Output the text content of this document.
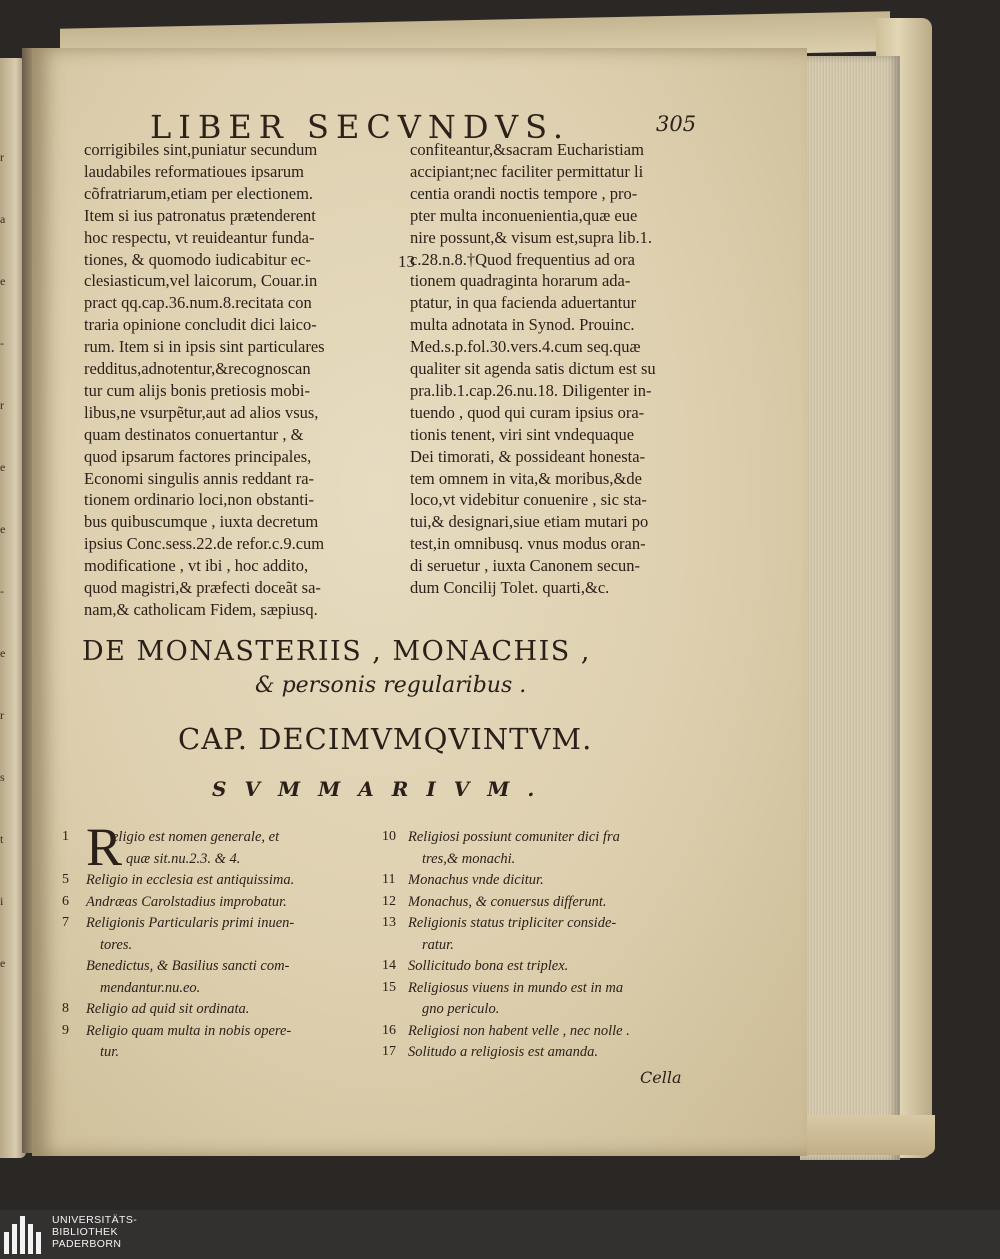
r
a
e
-
r
e
e
-
e
r
s
t
i
e
LIBER SECVNDVS.	305
corrigibiles sint,puniatur secundum
laudabiles reformatioues ipsarum
cõfratriarum,etiam per electionem.
Item si ius patronatus prætenderent
hoc respectu, vt reuideantur funda-
tiones, & quomodo iudicabitur ec-
clesiasticum,vel laicorum, Couar.in
pract qq.cap.36.num.8.recitata con
traria opinione concludit dici laico-
rum. Item si in ipsis sint particulares
redditus,adnotentur,&recognoscan
tur cum alijs bonis pretiosis mobi-
libus,ne vsurpẽtur,aut ad alios vsus,
quam destinatos conuertantur , &
quod ipsarum factores principales,
Economi singulis annis reddant ra-
tionem ordinario loci,non obstanti-
bus quibuscumque , iuxta decretum
ipsius Conc.sess.22.de refor.c.9.cum
modificatione , vt ibi , hoc addito,
quod magistri,& præfecti doceãt sa-
nam,& catholicam Fidem, sæpiusq.
confiteantur,&sacram Eucharistiam
accipiant;nec faciliter permittatur li
centia orandi noctis tempore , pro-
pter multa inconuenientia,quæ eue
nire possunt,& visum est,supra lib.1.
c.28.n.8.†Quod frequentius ad ora
tionem quadraginta horarum ada-
ptatur, in qua facienda aduertantur
multa adnotata in Synod. Prouinc.
Med.s.p.fol.30.vers.4.cum seq.quæ
qualiter sit agenda satis dictum est su
pra.lib.1.cap.26.nu.18. Diligenter in-
tuendo , quod qui curam ipsius ora-
tionis tenent, viri sint vndequaque
Dei timorati, & possideant honesta-
tem omnem in vita,& moribus,&de
loco,vt videbitur conuenire , sic sta-
tui,& designari,siue etiam mutari po
test,in omnibusq. vnus modus oran-
di seruetur , iuxta Canonem secun-
dum Concilij Tolet. quarti,&c.
13
DE MONASTERIIS , MONACHIS ,
& personis regularibus .
CAP. DECIMVMQVINTVM.
SVMMARIVM.
R
1	eligio est nomen generale, et
quæ sit.nu.2.3. & 4.
5 Religio in ecclesia est antiquissima.
6 Andræas Carolstadius improbatur.
7 Religionis Particularis primi inuen-
tores.
Benedictus, & Basilius sancti com-
mendantur.nu.eo.
8 Religio ad quid sit ordinata.
9 Religio quam multa in nobis opere-
tur.
10 Religiosi possiunt comuniter dici fra
tres,& monachi.
11 Monachus vnde dicitur.
12 Monachus, & conuersus differunt.
13 Religionis status tripliciter conside-
ratur.
14 Sollicitudo bona est triplex.
15 Religiosus viuens in mundo est in ma
gno periculo.
16 Religiosi non habent velle , nec nolle .
17 Solitudo a religiosis est amanda.
Cella
UNIVERSITÄTS-
BIBLIOTHEK
PADERBORN
